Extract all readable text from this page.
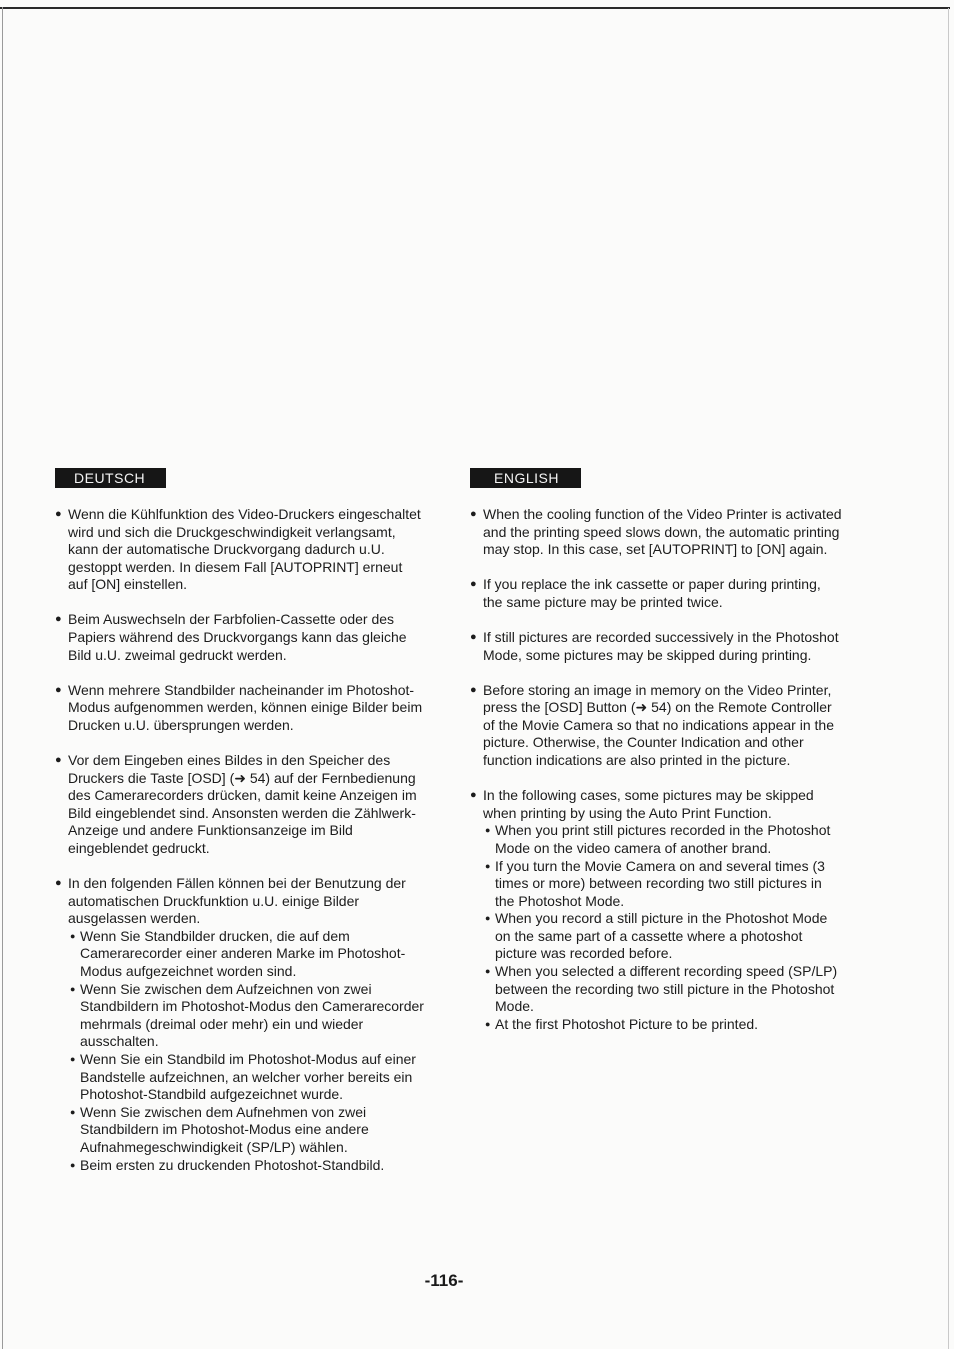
DEUTSCH
● Wenn die Kühlfunktion des Video-Druckers eingeschaltet wird und sich die Druckgeschwindigkeit verlangsamt, kann der automatische Druckvorgang dadurch u.U. gestoppt werden. In diesem Fall [AUTOPRINT] erneut auf [ON] einstellen.
● Beim Auswechseln der Farbfolien-Cassette oder des Papiers während des Druckvorgangs kann das gleiche Bild u.U. zweimal gedruckt werden.
● Wenn mehrere Standbilder nacheinander im Photoshot-Modus aufgenommen werden, können einige Bilder beim Drucken u.U. übersprungen werden.
● Vor dem Eingeben eines Bildes in den Speicher des Druckers die Taste [OSD] (➜ 54) auf der Fernbedienung des Camerarecorders drücken, damit keine Anzeigen im Bild eingeblendet sind. Ansonsten werden die Zählwerk-Anzeige und andere Funktionsanzeige im Bild eingeblendet gedruckt.
● In den folgenden Fällen können bei der Benutzung der automatischen Druckfunktion u.U. einige Bilder ausgelassen werden.
● Wenn Sie Standbilder drucken, die auf dem Camerarecorder einer anderen Marke im Photoshot-Modus aufgezeichnet worden sind.
● Wenn Sie zwischen dem Aufzeichnen von zwei Standbildern im Photoshot-Modus den Camerarecorder mehrmals (dreimal oder mehr) ein und wieder ausschalten.
● Wenn Sie ein Standbild im Photoshot-Modus auf einer Bandstelle aufzeichnen, an welcher vorher bereits ein Photoshot-Standbild aufgezeichnet wurde.
● Wenn Sie zwischen dem Aufnehmen von zwei Standbildern im Photoshot-Modus eine andere Aufnahmegeschwindigkeit (SP/LP) wählen.
● Beim ersten zu druckenden Photoshot-Standbild.
ENGLISH
● When the cooling function of the Video Printer is activated and the printing speed slows down, the automatic printing may stop. In this case, set [AUTOPRINT] to [ON] again.
● If you replace the ink cassette or paper during printing, the same picture may be printed twice.
● If still pictures are recorded successively in the Photoshot Mode, some pictures may be skipped during printing.
● Before storing an image in memory on the Video Printer, press the [OSD] Button (➜ 54) on the Remote Controller of the Movie Camera so that no indications appear in the picture. Otherwise, the Counter Indication and other function indications are also printed in the picture.
● In the following cases, some pictures may be skipped when printing by using the Auto Print Function.
● When you print still pictures recorded in the Photoshot Mode on the video camera of another brand.
● If you turn the Movie Camera on and several times (3 times or more) between recording two still pictures in the Photoshot Mode.
● When you record a still picture in the Photoshot Mode on the same part of a cassette where a photoshot picture was recorded before.
● When you selected a different recording speed (SP/LP) between the recording two still picture in the Photoshot Mode.
● At the first Photoshot Picture to be printed.
-116-
